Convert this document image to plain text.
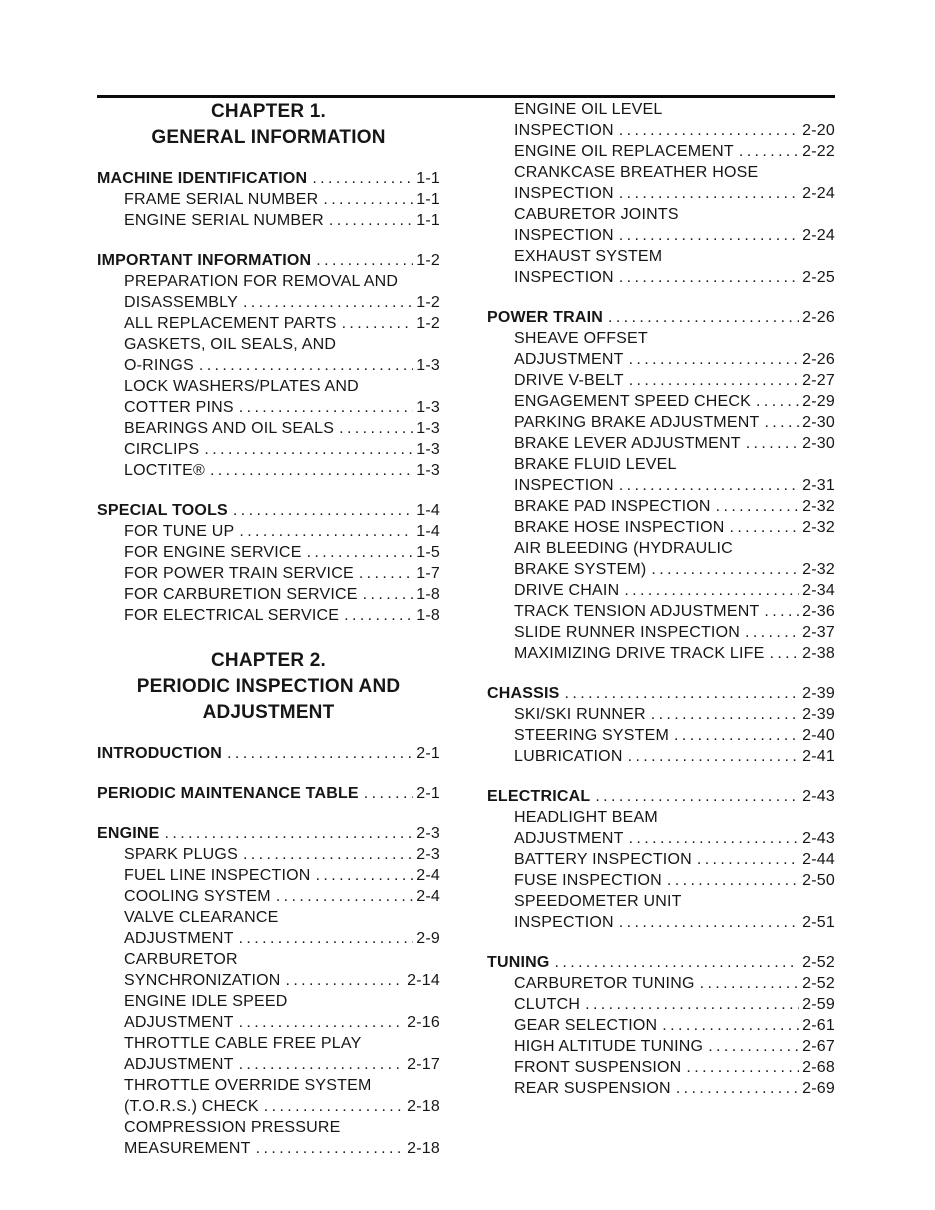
CHAPTER 1.
GENERAL INFORMATION
MACHINE IDENTIFICATION .....	1-1
FRAME SERIAL NUMBER .....	1-1
ENGINE SERIAL NUMBER .....	1-1
IMPORTANT INFORMATION .....	1-2
PREPARATION FOR REMOVAL AND
DISASSEMBLY .....	1-2
ALL REPLACEMENT PARTS .....	1-2
GASKETS, OIL SEALS, AND
O-RINGS .....	1-3
LOCK WASHERS/PLATES AND
COTTER PINS .....	1-3
BEARINGS AND OIL SEALS .....	1-3
CIRCLIPS .....	1-3
LOCTITE® .....	1-3
SPECIAL TOOLS .....	1-4
FOR TUNE UP .....	1-4
FOR ENGINE SERVICE .....	1-5
FOR POWER TRAIN SERVICE .....	1-7
FOR CARBURETION SERVICE .....	1-8
FOR ELECTRICAL SERVICE .....	1-8
CHAPTER 2.
PERIODIC INSPECTION AND
ADJUSTMENT
INTRODUCTION .....	2-1
PERIODIC MAINTENANCE TABLE .....	2-1
ENGINE .....	2-3
SPARK PLUGS .....	2-3
FUEL LINE INSPECTION .....	2-4
COOLING SYSTEM .....	2-4
VALVE CLEARANCE
ADJUSTMENT .....	2-9
CARBURETOR
SYNCHRONIZATION .....	2-14
ENGINE IDLE SPEED
ADJUSTMENT .....	2-16
THROTTLE CABLE FREE PLAY
ADJUSTMENT .....	2-17
THROTTLE OVERRIDE SYSTEM
(T.O.R.S.) CHECK .....	2-18
COMPRESSION PRESSURE
MEASUREMENT .....	2-18
ENGINE OIL LEVEL
INSPECTION .....	2-20
ENGINE OIL REPLACEMENT .....	2-22
CRANKCASE BREATHER HOSE
INSPECTION .....	2-24
CABURETOR JOINTS
INSPECTION .....	2-24
EXHAUST SYSTEM
INSPECTION .....	2-25
POWER TRAIN .....	2-26
SHEAVE OFFSET
ADJUSTMENT .....	2-26
DRIVE V-BELT .....	2-27
ENGAGEMENT SPEED CHECK .....	2-29
PARKING BRAKE ADJUSTMENT .....	2-30
BRAKE LEVER ADJUSTMENT .....	2-30
BRAKE FLUID LEVEL
INSPECTION .....	2-31
BRAKE PAD INSPECTION .....	2-32
BRAKE HOSE INSPECTION .....	2-32
AIR BLEEDING (HYDRAULIC
BRAKE SYSTEM) .....	2-32
DRIVE CHAIN .....	2-34
TRACK TENSION ADJUSTMENT .....	2-36
SLIDE RUNNER INSPECTION .....	2-37
MAXIMIZING DRIVE TRACK LIFE ..... 2-38
CHASSIS .....	2-39
SKI/SKI RUNNER .....	2-39
STEERING SYSTEM .....	2-40
LUBRICATION .....	2-41
ELECTRICAL .....	2-43
HEADLIGHT BEAM
ADJUSTMENT .....	2-43
BATTERY INSPECTION .....	2-44
FUSE INSPECTION .....	2-50
SPEEDOMETER UNIT
INSPECTION .....	2-51
TUNING .....	2-52
CARBURETOR TUNING .....	2-52
CLUTCH .....	2-59
GEAR SELECTION .....	2-61
HIGH ALTITUDE TUNING .....	2-67
FRONT SUSPENSION .....	2-68
REAR SUSPENSION .....	2-69
